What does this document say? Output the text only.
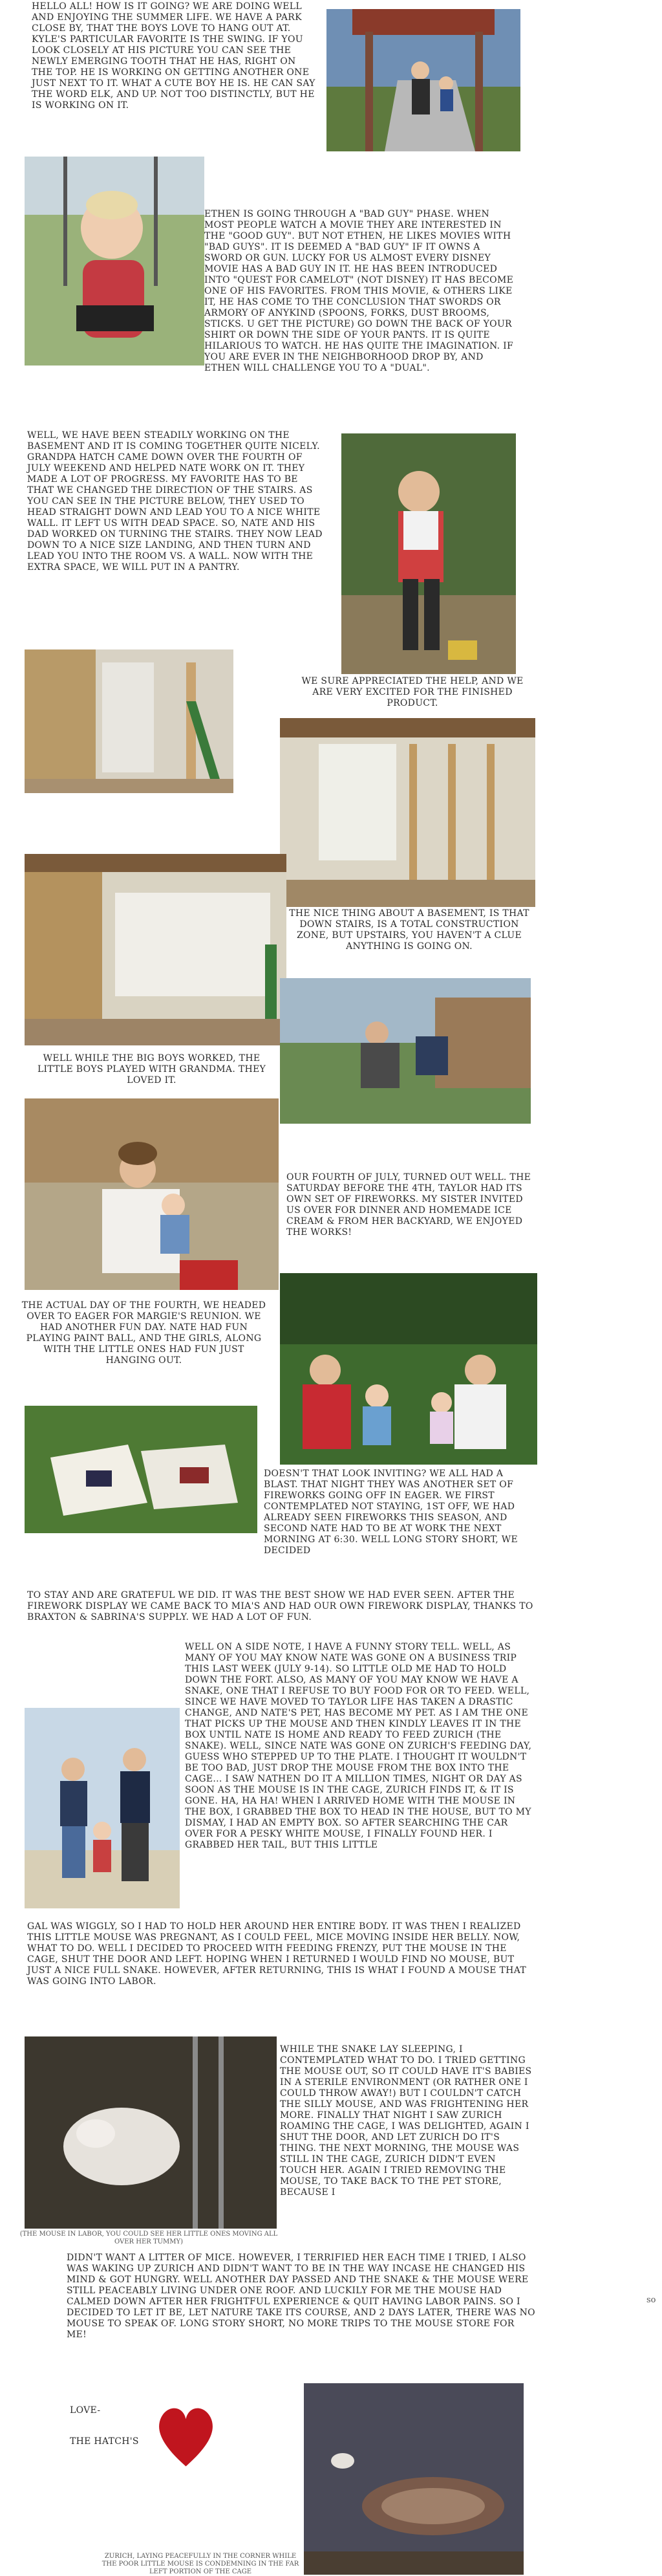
HELLO ALL! HOW IS IT GOING? WE ARE DOING WELL AND ENJOYING THE SUMMER LIFE. WE HAVE A PARK CLOSE BY, THAT THE BOYS LOVE TO HANG OUT AT. KYLE'S PARTICULAR FAVORITE IS THE SWING. IF YOU LOOK CLOSELY AT HIS PICTURE YOU CAN SEE THE NEWLY EMERGING TOOTH THAT HE HAS, RIGHT ON THE TOP. HE IS WORKING ON GETTING ANOTHER ONE JUST NEXT TO IT. WHAT A CUTE BOY HE IS. HE CAN SAY THE WORD ELK, AND UP. NOT TOO DISTINCTLY, BUT HE IS WORKING ON IT.
ETHEN IS GOING THROUGH A "BAD GUY" PHASE. WHEN MOST PEOPLE WATCH A MOVIE THEY ARE INTERESTED IN THE "GOOD GUY". BUT NOT ETHEN, HE LIKES MOVIES WITH "BAD GUYS". IT IS DEEMED A "BAD GUY" IF IT OWNS A SWORD OR GUN. LUCKY FOR US ALMOST EVERY DISNEY MOVIE HAS A BAD GUY IN IT. HE HAS BEEN INTRODUCED INTO "QUEST FOR CAMELOT" (NOT DISNEY) IT HAS BECOME ONE OF HIS FAVORITES. FROM THIS MOVIE, & OTHERS LIKE IT, HE HAS COME TO THE CONCLUSION THAT SWORDS OR ARMORY OF ANYKIND (SPOONS, FORKS, DUST BROOMS, STICKS. U GET THE PICTURE) GO DOWN THE BACK OF YOUR SHIRT OR DOWN THE SIDE OF YOUR PANTS. IT IS QUITE HILARIOUS TO WATCH. HE HAS QUITE THE IMAGINATION. IF YOU ARE EVER IN THE NEIGHBORHOOD DROP BY, AND ETHEN WILL CHALLENGE YOU TO A "DUAL".
WELL, WE HAVE BEEN STEADILY WORKING ON THE BASEMENT AND IT IS COMING TOGETHER QUITE NICELY. GRANDPA HATCH CAME DOWN OVER THE FOURTH OF JULY WEEKEND AND HELPED NATE WORK ON IT. THEY MADE A LOT OF PROGRESS. MY FAVORITE HAS TO BE THAT WE CHANGED THE DIRECTION OF THE STAIRS. AS YOU CAN SEE IN THE PICTURE BELOW, THEY USED TO HEAD STRAIGHT DOWN AND LEAD YOU TO A NICE WHITE WALL. IT LEFT US WITH DEAD SPACE. SO, NATE AND HIS DAD WORKED ON TURNING THE STAIRS. THEY NOW LEAD DOWN TO A NICE SIZE LANDING, AND THEN TURN AND LEAD YOU INTO THE ROOM VS. A WALL. NOW WITH THE EXTRA SPACE, WE WILL PUT IN A PANTRY.
WE SURE APPRECIATED THE HELP, AND WE ARE VERY EXCITED FOR THE FINISHED PRODUCT.
THE NICE THING ABOUT A BASEMENT, IS THAT DOWN STAIRS, IS A TOTAL CONSTRUCTION ZONE, BUT UPSTAIRS, YOU HAVEN'T A CLUE ANYTHING IS GOING ON.
WELL WHILE THE BIG BOYS WORKED, THE LITTLE BOYS PLAYED WITH GRANDMA. THEY LOVED IT.
OUR FOURTH OF JULY, TURNED OUT WELL. THE SATURDAY BEFORE THE 4TH, TAYLOR HAD ITS OWN SET OF FIREWORKS. MY SISTER INVITED US OVER FOR DINNER AND HOMEMADE ICE CREAM & FROM HER BACKYARD, WE ENJOYED THE WORKS!
THE ACTUAL DAY OF THE FOURTH, WE HEADED OVER TO EAGER FOR MARGIE'S REUNION. WE HAD ANOTHER FUN DAY. NATE HAD FUN PLAYING PAINT BALL, AND THE GIRLS, ALONG WITH THE LITTLE ONES HAD FUN JUST HANGING OUT.
DOESN'T THAT LOOK INVITING? WE ALL HAD A BLAST. THAT NIGHT THEY WAS ANOTHER SET OF FIREWORKS GOING OFF IN EAGER. WE FIRST CONTEMPLATED NOT STAYING, 1ST OFF, WE HAD ALREADY SEEN FIREWORKS THIS SEASON, AND SECOND NATE HAD TO BE AT WORK THE NEXT MORNING AT 6:30. WELL LONG STORY SHORT, WE DECIDED
TO STAY AND ARE GRATEFUL WE DID. IT WAS THE BEST SHOW WE HAD EVER SEEN. AFTER THE FIREWORK DISPLAY WE CAME BACK TO MIA'S AND HAD OUR OWN FIREWORK DISPLAY, THANKS TO BRAXTON & SABRINA'S SUPPLY. WE HAD A LOT OF FUN.
WELL ON A SIDE NOTE, I HAVE A FUNNY STORY TELL. WELL, AS MANY OF YOU MAY KNOW NATE WAS GONE ON A BUSINESS TRIP THIS LAST WEEK (JULY 9-14). SO LITTLE OLD ME HAD TO HOLD DOWN THE FORT. ALSO, AS MANY OF YOU MAY KNOW WE HAVE A SNAKE, ONE THAT I REFUSE TO BUY FOOD FOR OR TO FEED. WELL, SINCE WE HAVE MOVED TO TAYLOR LIFE HAS TAKEN A DRASTIC CHANGE, AND NATE'S PET, HAS BECOME MY PET. AS I AM THE ONE THAT PICKS UP THE MOUSE AND THEN KINDLY LEAVES IT IN THE BOX UNTIL NATE IS HOME AND READY TO FEED ZURICH (THE SNAKE). WELL, SINCE NATE WAS GONE ON ZURICH'S FEEDING DAY, GUESS WHO STEPPED UP TO THE PLATE. I THOUGHT IT WOULDN'T BE TOO BAD, JUST DROP THE MOUSE FROM THE BOX INTO THE CAGE... I SAW NATHEN DO IT A MILLION TIMES, NIGHT OR DAY AS SOON AS THE MOUSE IS IN THE CAGE, ZURICH FINDS IT, & IT IS GONE. HA, HA HA! WHEN I ARRIVED HOME WITH THE MOUSE IN THE BOX, I GRABBED THE BOX TO HEAD IN THE HOUSE, BUT TO MY DISMAY, I HAD AN EMPTY BOX. SO AFTER SEARCHING THE CAR OVER FOR A PESKY WHITE MOUSE, I FINALLY FOUND HER. I GRABBED HER TAIL, BUT THIS LITTLE
GAL WAS WIGGLY, SO I HAD TO HOLD HER AROUND HER ENTIRE BODY. IT WAS THEN I REALIZED THIS LITTLE MOUSE WAS PREGNANT, AS I COULD FEEL, MICE MOVING INSIDE HER BELLY. NOW, WHAT TO DO. WELL I DECIDED TO PROCEED WITH FEEDING FRENZY, PUT THE MOUSE IN THE CAGE, SHUT THE DOOR AND LEFT. HOPING WHEN I RETURNED I WOULD FIND NO MOUSE, BUT JUST A NICE FULL SNAKE. HOWEVER, AFTER RETURNING, THIS IS WHAT I FOUND A MOUSE THAT WAS GOING INTO LABOR.
WHILE THE SNAKE LAY SLEEPING, I CONTEMPLATED WHAT TO DO. I TRIED GETTING THE MOUSE OUT, SO IT COULD HAVE IT'S BABIES IN A STERILE ENVIRONMENT (OR RATHER ONE I COULD THROW AWAY!) BUT I COULDN'T CATCH THE SILLY MOUSE, AND WAS FRIGHTENING HER MORE. FINALLY THAT NIGHT I SAW ZURICH ROAMING THE CAGE, I WAS DELIGHTED, AGAIN I SHUT THE DOOR, AND LET ZURICH DO IT'S THING. THE NEXT MORNING, THE MOUSE WAS STILL IN THE CAGE, ZURICH DIDN'T EVEN TOUCH HER. AGAIN I TRIED REMOVING THE MOUSE, TO TAKE BACK TO THE PET STORE, BECAUSE I
(THE MOUSE IN LABOR, YOU COULD SEE HER LITTLE ONES MOVING ALL OVER HER TUMMY)
DIDN'T WANT A LITTER OF MICE. HOWEVER, I TERRIFIED HER EACH TIME I TRIED, I ALSO WAS WAKING UP ZURICH AND DIDN'T WANT TO BE IN THE WAY INCASE HE CHANGED HIS MIND & GOT HUNGRY. WELL ANOTHER DAY PASSED AND THE SNAKE & THE MOUSE WERE STILL PEACEABLY LIVING UNDER ONE ROOF. AND LUCKILY FOR ME THE MOUSE HAD CALMED DOWN AFTER HER FRIGHTFUL EXPERIENCE & QUIT HAVING LABOR PAINS. SO I DECIDED TO LET IT BE, LET NATURE TAKE ITS COURSE, AND 2 DAYS LATER, THERE WAS NO MOUSE TO SPEAK OF. LONG STORY SHORT, NO MORE TRIPS TO THE MOUSE STORE FOR ME!
so
LOVE-
THE HATCH'S
ZURICH, LAYING PEACEFULLY IN THE CORNER WHILE THE POOR LITTLE MOUSE IS CONDEMNING IN THE FAR LEFT PORTION OF THE CAGE
